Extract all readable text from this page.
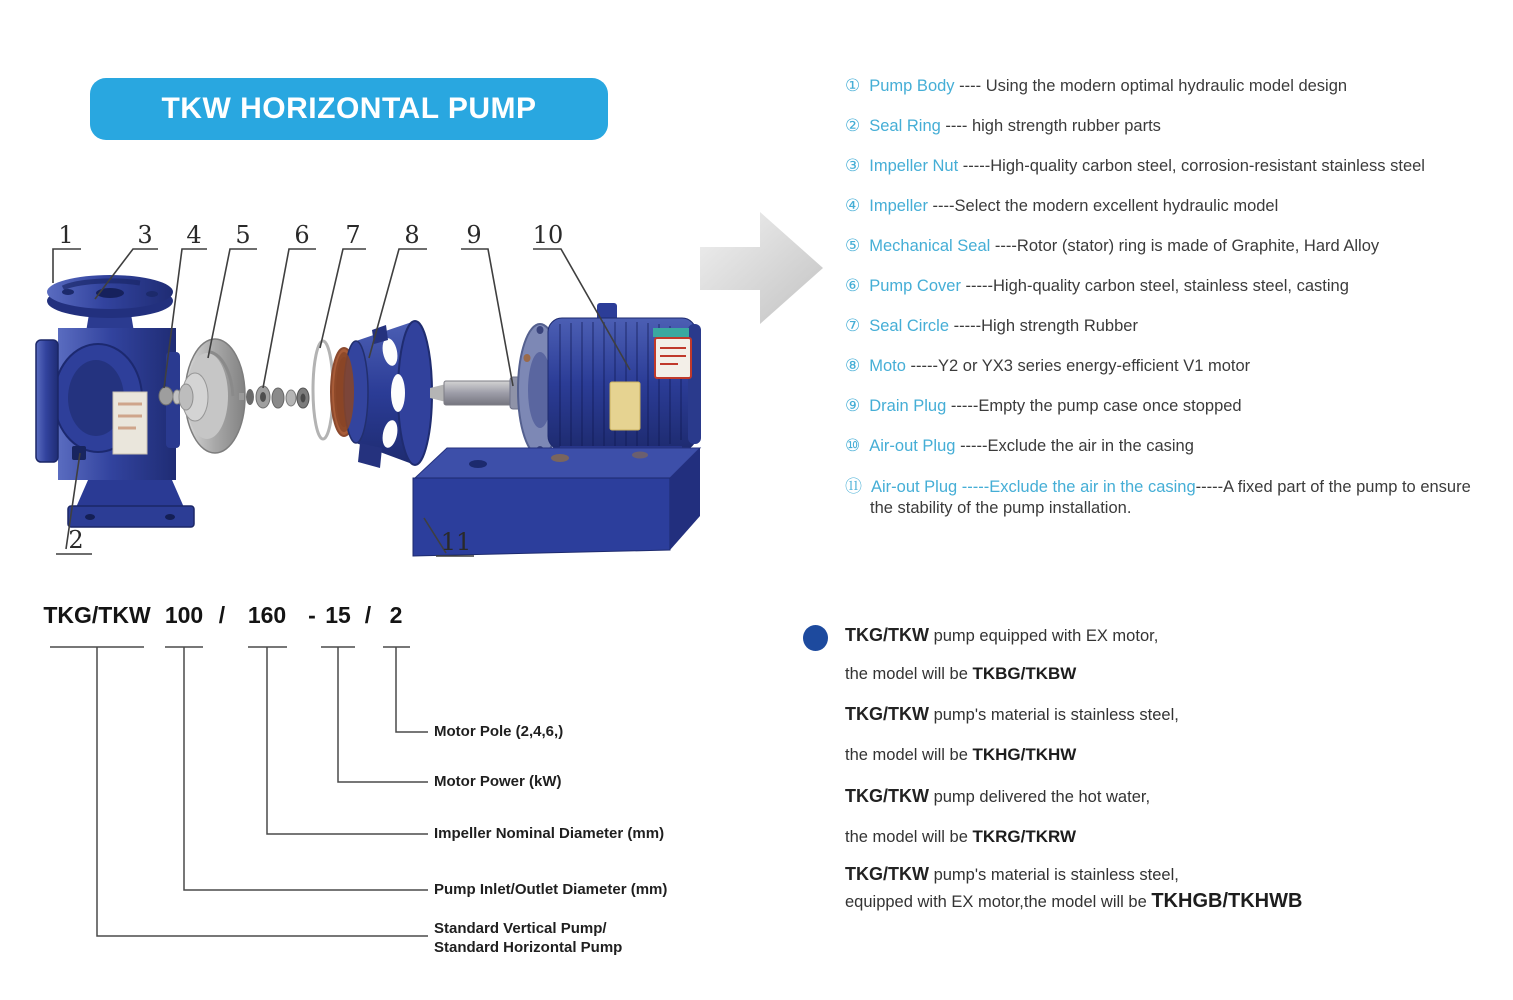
TKW HORIZONTAL PUMP
1	3 4 5 6 7 8 9 10
2	11
① Pump Body ---- Using the modern optimal hydraulic model design
② Seal Ring ---- high strength rubber parts
③ Impeller Nut -----High-quality carbon steel, corrosion-resistant stainless steel
④ Impeller ----Select the modern excellent hydraulic model
⑤ Mechanical Seal ----Rotor (stator) ring is made of Graphite, Hard Alloy
⑥ Pump Cover -----High-quality carbon steel, stainless steel, casting
⑦ Seal Circle -----High strength Rubber
⑧ Moto -----Y2 or YX3 series energy-efficient V1 motor
⑨ Drain Plug -----Empty the pump case once stopped
⑩ Air-out Plug -----Exclude the air in the casing
⑪ Air-out Plug -----Exclude the air in the casing-----A fixed part of the pump to ensure the stability of the pump installation.
TKG/TKW 100 / 160 - 15 / 2
Motor Pole (2,4,6,)
Motor Power (kW)
Impeller Nominal Diameter (mm)
Pump Inlet/Outlet Diameter (mm)
Standard Vertical Pump/
Standard Horizontal Pump
TKG/TKW pump equipped with EX motor,
the model will be TKBG/TKBW
TKG/TKW pump's material is stainless steel,
the model will be TKHG/TKHW
TKG/TKW pump delivered the hot water,
the model will be TKRG/TKRW
TKG/TKW pump's material is stainless steel,
equipped with EX motor,the model will be TKHGB/TKHWB
